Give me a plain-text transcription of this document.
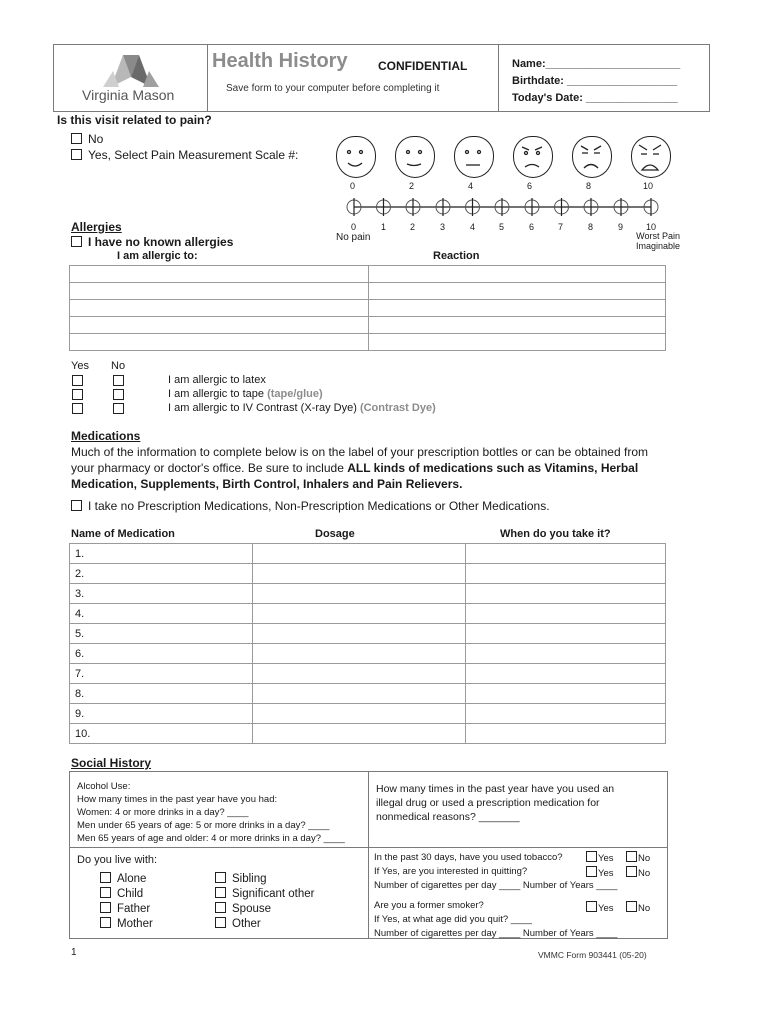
Virginia Mason
Health History	CONFIDENTIAL
Save form to your computer before completing it
Name:______________________
Birthdate: __________________
Today's Date: _______________
Is this visit related to pain?
No
Yes, Select Pain Measurement Scale #:
0	2	4	6	8	10
0	1	2	3	4	5	6	7	8	9	10
No pain	Worst Pain
Imaginable
Allergies
I have no known allergies
I am allergic to:	Reaction

Yes No
I am allergic to latex
I am allergic to tape (tape/glue)
I am allergic to IV Contrast (X-ray Dye) (Contrast Dye)
Medications
Much of the information to complete below is on the label of your prescription bottles or can be obtained from
your pharmacy or doctor's office. Be sure to include ALL kinds of medications such as Vitamins, Herbal
Medication, Supplements, Birth Control, Inhalers and Pain Relievers.
I take no Prescription Medications, Non-Prescription Medications or Other Medications.
Name of Medication	Dosage	When do you take it?
1.		
2.		
3.		
4.		
5.		
6.		
7.		
8.		
9.		
10.		
Social History
Alcohol Use:
How many times in the past year have you had:
Women: 4 or more drinks in a day? ____
Men under 65 years of age: 5 or more drinks in a day? ____
Men 65 years of age and older: 4 or more drinks in a day? ____
How many times in the past year have you used an
illegal drug or used a prescription medication for
nonmedical reasons? _______
Do you live with:
Alone
Child
Father
Mother
Sibling
Significant other
Spouse
Other
In the past 30 days, have you used tobacco?
If Yes, are you interested in quitting?
Number of cigarettes per day ____ Number of Years ____
Are you a former smoker?
If Yes, at what age did you quit? ____
Number of cigarettes per day ____ Number of Years ____
Yes
Yes
Yes
No
No
No
1	VMMC Form 903441 (05-20)
